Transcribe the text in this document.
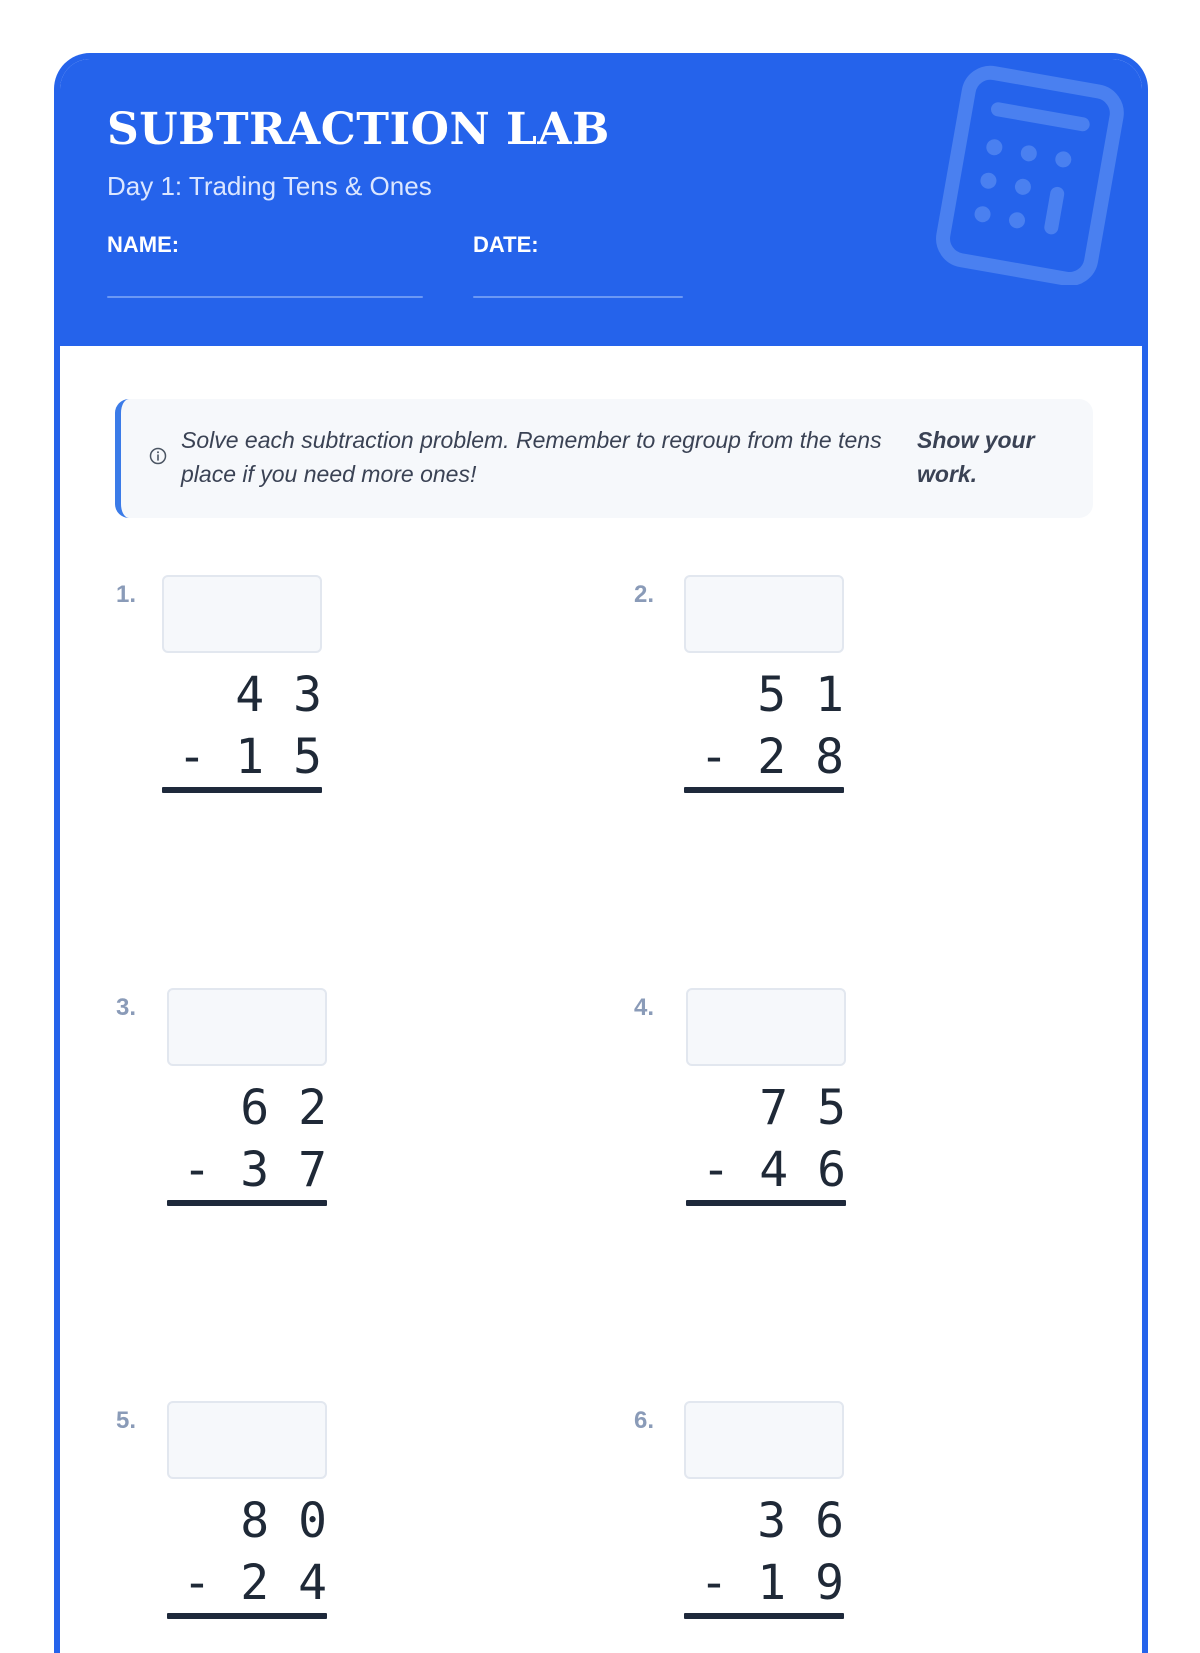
SUBTRACTION LAB
Day 1: Trading Tens & Ones
NAME:	DATE:
Solve each subtraction problem. Remember to regroup from the tens place if you need more ones!
Show your work.
1.
4 3
- 1 5
2.
5 1
- 2 8
3.
6 2
- 3 7
4.
7 5
- 4 6
5.
8 0
- 2 4
6.
3 6
- 1 9
